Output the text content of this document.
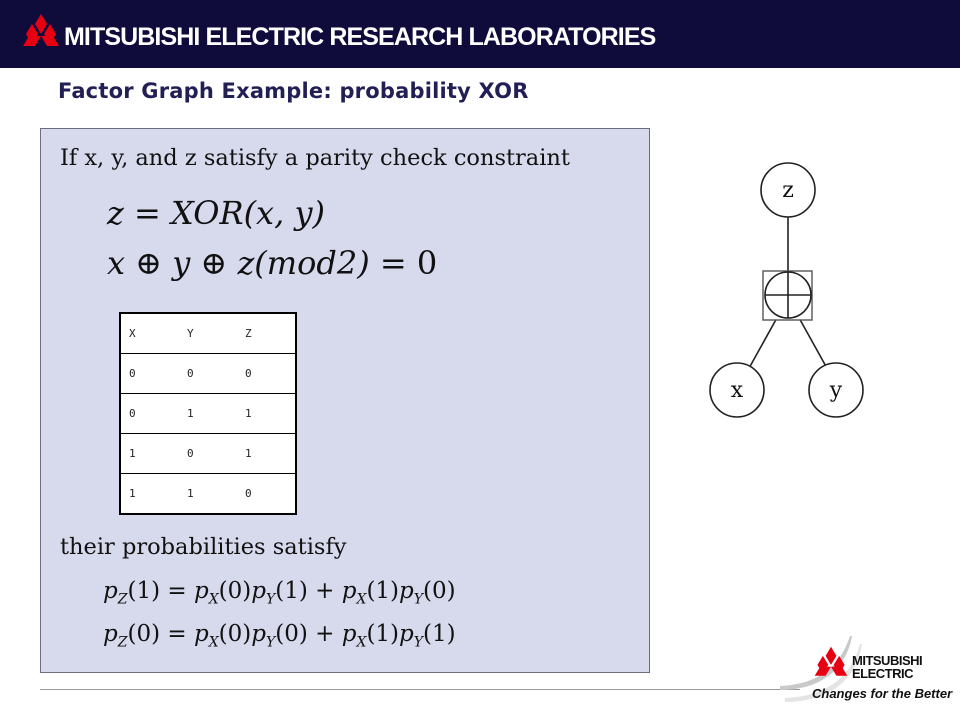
MITSUBISHI ELECTRIC RESEARCH LABORATORIES
Factor Graph Example: probability XOR
If x, y, and z satisfy a parity check constraint
z = XOR(x, y)
x ⊕ y ⊕ z(mod2) = 0
X	Y	Z
0	0	0
0	1	1
1	0	1
1	1	0
their probabilities satisfy
$p_Z(1) = p_X(0)p_Y(1) + p_X(1)p_Y(0)$
$p_Z(0) = p_X(0)p_Y(0) + p_X(1)p_Y(1)$
z
x	y
MITSUBISHI
ELECTRIC
Changes for the Better
